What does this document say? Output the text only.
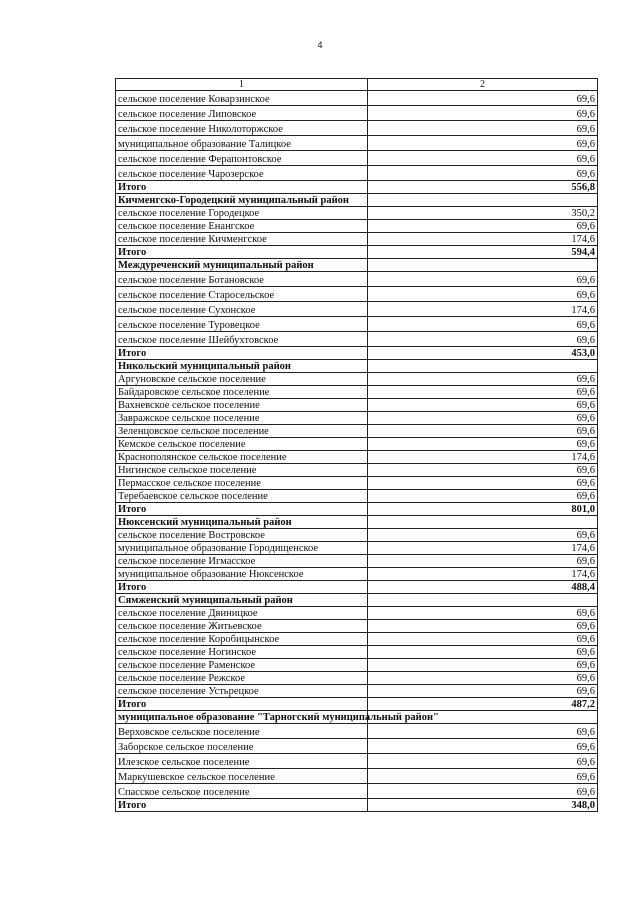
4
1	2
сельское поселение Коварзинское	69,6
сельское поселение Липовское	69,6
сельское поселение Николоторжское	69,6
муниципальное образование Талицкое	69,6
сельское поселение Ферапонтовское	69,6
сельское поселение Чарозерское	69,6
Итого	556,8
Кичменгско-Городецкий муниципальный район	
сельское поселение Городецкое	350,2
сельское поселение Енангское	69,6
сельское поселение Кичменгское	174,6
Итого	594,4
Междуреченский муниципальный район	
сельское поселение Ботановское	69,6
сельское поселение Старосельское	69,6
сельское поселение Сухонское	174,6
сельское поселение Туровецкое	69,6
сельское поселение Шейбухтовское	69,6
Итого	453,0
Никольский муниципальный район	
Аргуновское сельское поселение	69,6
Байдаровское сельское поселение	69,6
Вахневское сельское поселение	69,6
Завражское сельское поселение	69,6
Зеленцовское сельское поселение	69,6
Кемское сельское поселение	69,6
Краснополянское сельское поселение	174,6
Нигинское сельское поселение	69,6
Пермасское сельское поселение	69,6
Теребаевское сельское поселение	69,6
Итого	801,0
Нюксенский муниципальный район	
сельское поселение Востровское	69,6
муниципальное образование Городищенское	174,6
сельское поселение Игмасское	69,6
муниципальное образование Нюксенское	174,6
Итого	488,4
Сямженский муниципальный район	
сельское поселение Двиницкое	69,6
сельское поселение Житьевское	69,6
сельское поселение Коробицынское	69,6
сельское поселение Ногинское	69,6
сельское поселение Раменское	69,6
сельское поселение Режское	69,6
сельское поселение Устьрецкое	69,6
Итого	487,2
муниципальное образование "Тарногский муниципальный район"	
Верховское сельское поселение	69,6
Заборское сельское поселение	69,6
Илезское сельское поселение	69,6
Маркушевское сельское поселение	69,6
Спасское сельское поселение	69,6
Итого	348,0
